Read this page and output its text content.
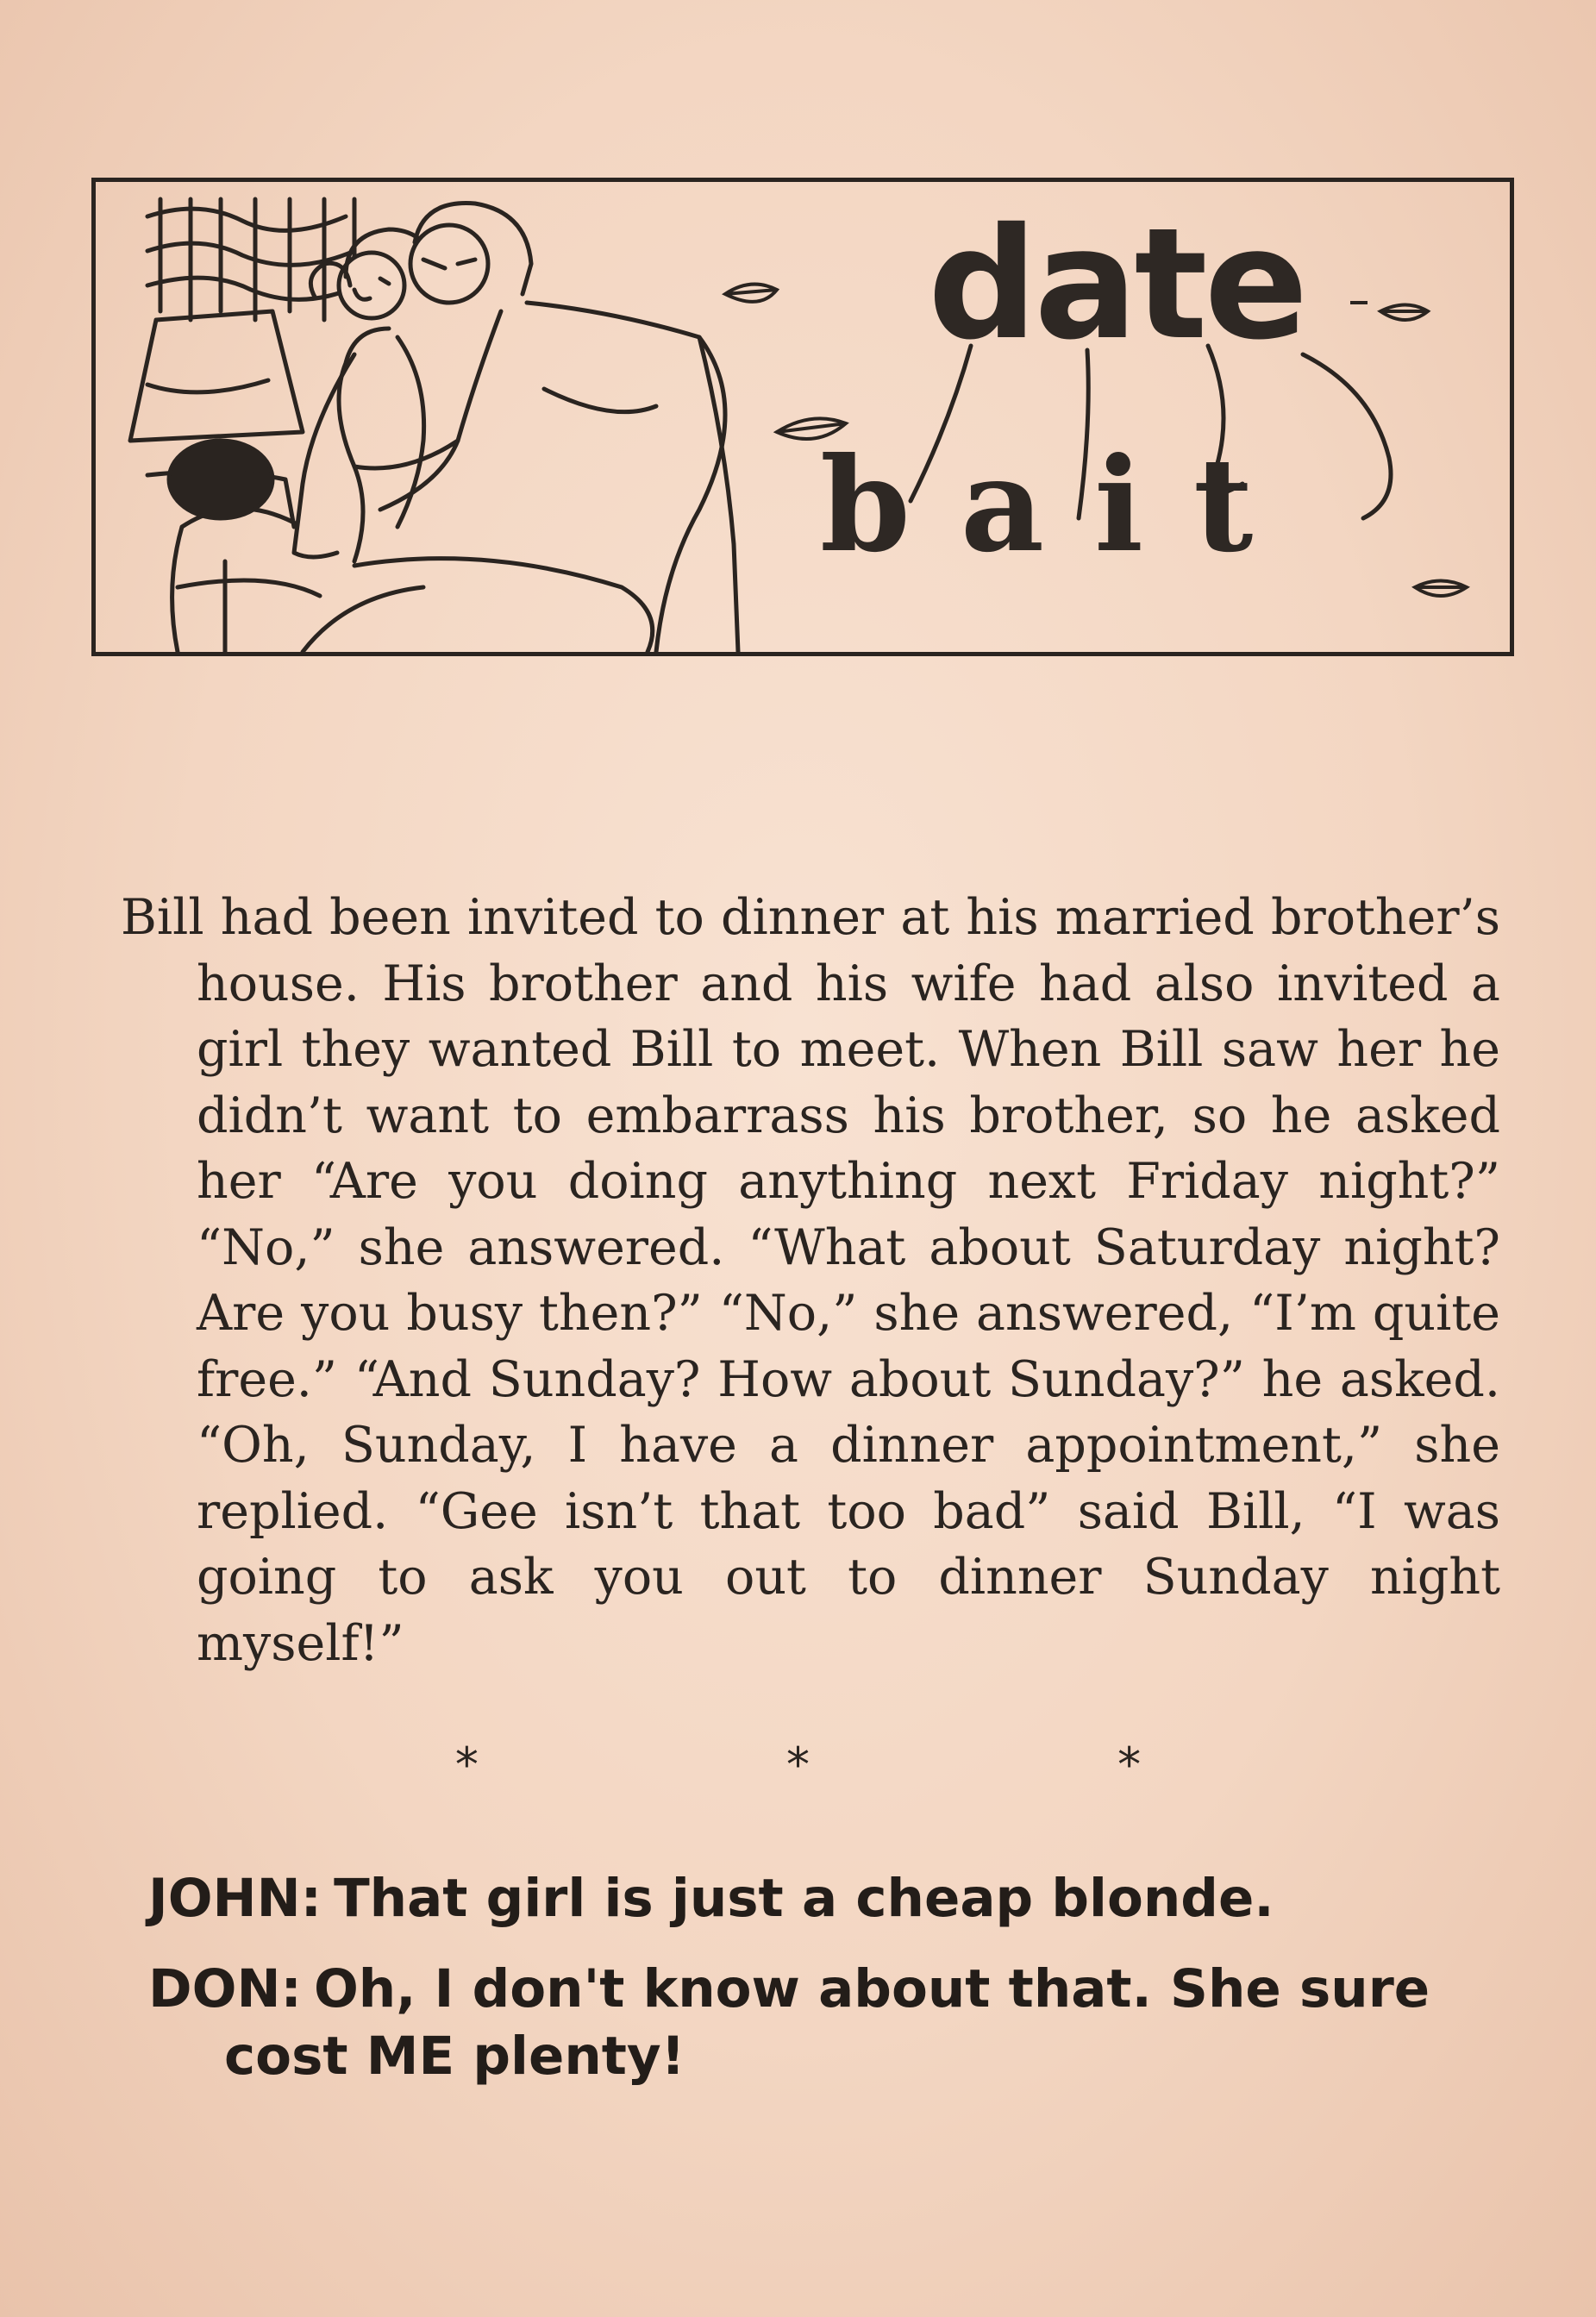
date
bait
Bill had been invited to dinner at his married brother’s house. His brother and his wife had also invited a girl they wanted Bill to meet. When Bill saw her he didn’t want to embarrass his brother, so he asked her “Are you doing anything next Friday night?” “No,” she answered. “What about Saturday night? Are you busy then?” “No,” she answered, “I’m quite free.” “And Sunday? How about Sunday?” he asked. “Oh, Sunday, I have a dinner appointment,” she replied. “Gee isn’t that too bad” said Bill, “I was going to ask you out to dinner Sunday night myself!”
* * *
JOHN: That girl is just a cheap blonde.
DON: Oh, I don't know about that. She sure
cost ME plenty!
